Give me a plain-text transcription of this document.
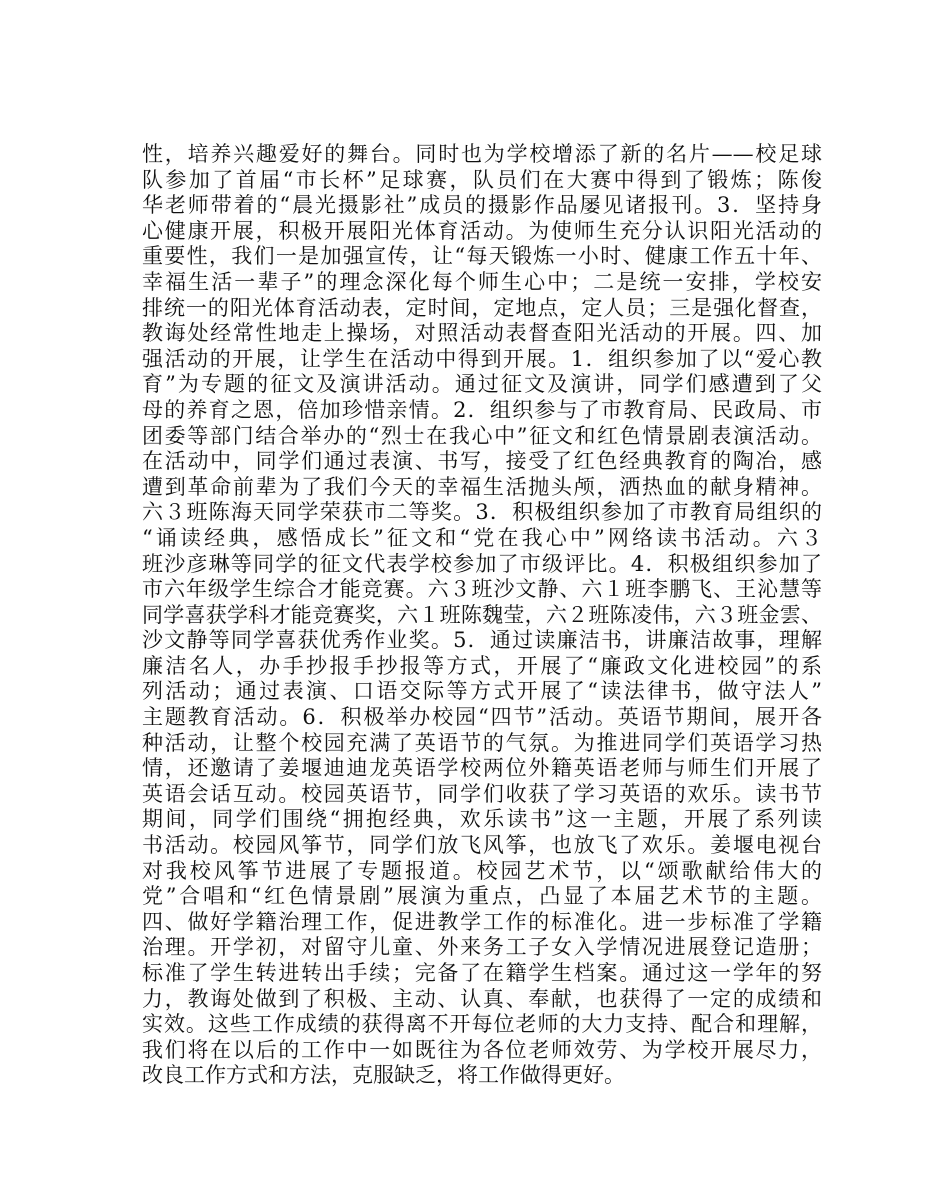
性，培养兴趣爱好的舞台。同时也为学校增添了新的名片——校足球
队参加了首届“市长杯”足球赛，队员们在大赛中得到了锻炼；陈俊
华老师带着的“晨光摄影社”成员的摄影作品屡见诸报刊。3．坚持身
心健康开展，积极开展阳光体育活动。为使师生充分认识阳光活动的
重要性，我们一是加强宣传，让“每天锻炼一小时、健康工作五十年、
幸福生活一辈子”的理念深化每个师生心中；二是统一安排，学校安
排统一的阳光体育活动表，定时间，定地点，定人员；三是强化督查，
教诲处经常性地走上操场，对照活动表督查阳光活动的开展。四、加
强活动的开展，让学生在活动中得到开展。1．组织参加了以“爱心教
育”为专题的征文及演讲活动。通过征文及演讲，同学们感遭到了父
母的养育之恩，倍加珍惜亲情。2．组织参与了市教育局、民政局、市
团委等部门结合举办的“烈士在我心中”征文和红色情景剧表演活动。
在活动中，同学们通过表演、书写，接受了红色经典教育的陶冶，感
遭到革命前辈为了我们今天的幸福生活抛头颅，洒热血的献身精神。
六３班陈海天同学荣获市二等奖。3．积极组织参加了市教育局组织的
“诵读经典，感悟成长”征文和“党在我心中”网络读书活动。六３
班沙彦琳等同学的征文代表学校参加了市级评比。4．积极组织参加了
市六年级学生综合才能竞赛。六３班沙文静、六１班李鹏飞、王沁慧等
同学喜获学科才能竞赛奖，六１班陈魏莹，六２班陈凌伟，六３班金雲、
沙文静等同学喜获优秀作业奖。5．通过读廉洁书，讲廉洁故事，理解
廉洁名人，办手抄报手抄报等方式，开展了“廉政文化进校园”的系
列活动；通过表演、口语交际等方式开展了“读法律书，做守法人”
主题教育活动。6．积极举办校园“四节”活动。英语节期间，展开各
种活动，让整个校园充满了英语节的气氛。为推进同学们英语学习热
情，还邀请了姜堰迪迪龙英语学校两位外籍英语老师与师生们开展了
英语会话互动。校园英语节，同学们收获了学习英语的欢乐。读书节
期间，同学们围绕“拥抱经典，欢乐读书”这一主题，开展了系列读
书活动。校园风筝节，同学们放飞风筝，也放飞了欢乐。姜堰电视台
对我校风筝节进展了专题报道。校园艺术节，以“颂歌献给伟大的
党”合唱和“红色情景剧”展演为重点，凸显了本届艺术节的主题。
四、做好学籍治理工作，促进教学工作的标准化。进一步标准了学籍
治理。开学初，对留守儿童、外来务工子女入学情况进展登记造册；
标准了学生转进转出手续；完备了在籍学生档案。通过这一学年的努
力，教诲处做到了积极、主动、认真、奉献，也获得了一定的成绩和
实效。这些工作成绩的获得离不开每位老师的大力支持、配合和理解，
我们将在以后的工作中一如既往为各位老师效劳、为学校开展尽力，
改良工作方式和方法，克服缺乏，将工作做得更好。
